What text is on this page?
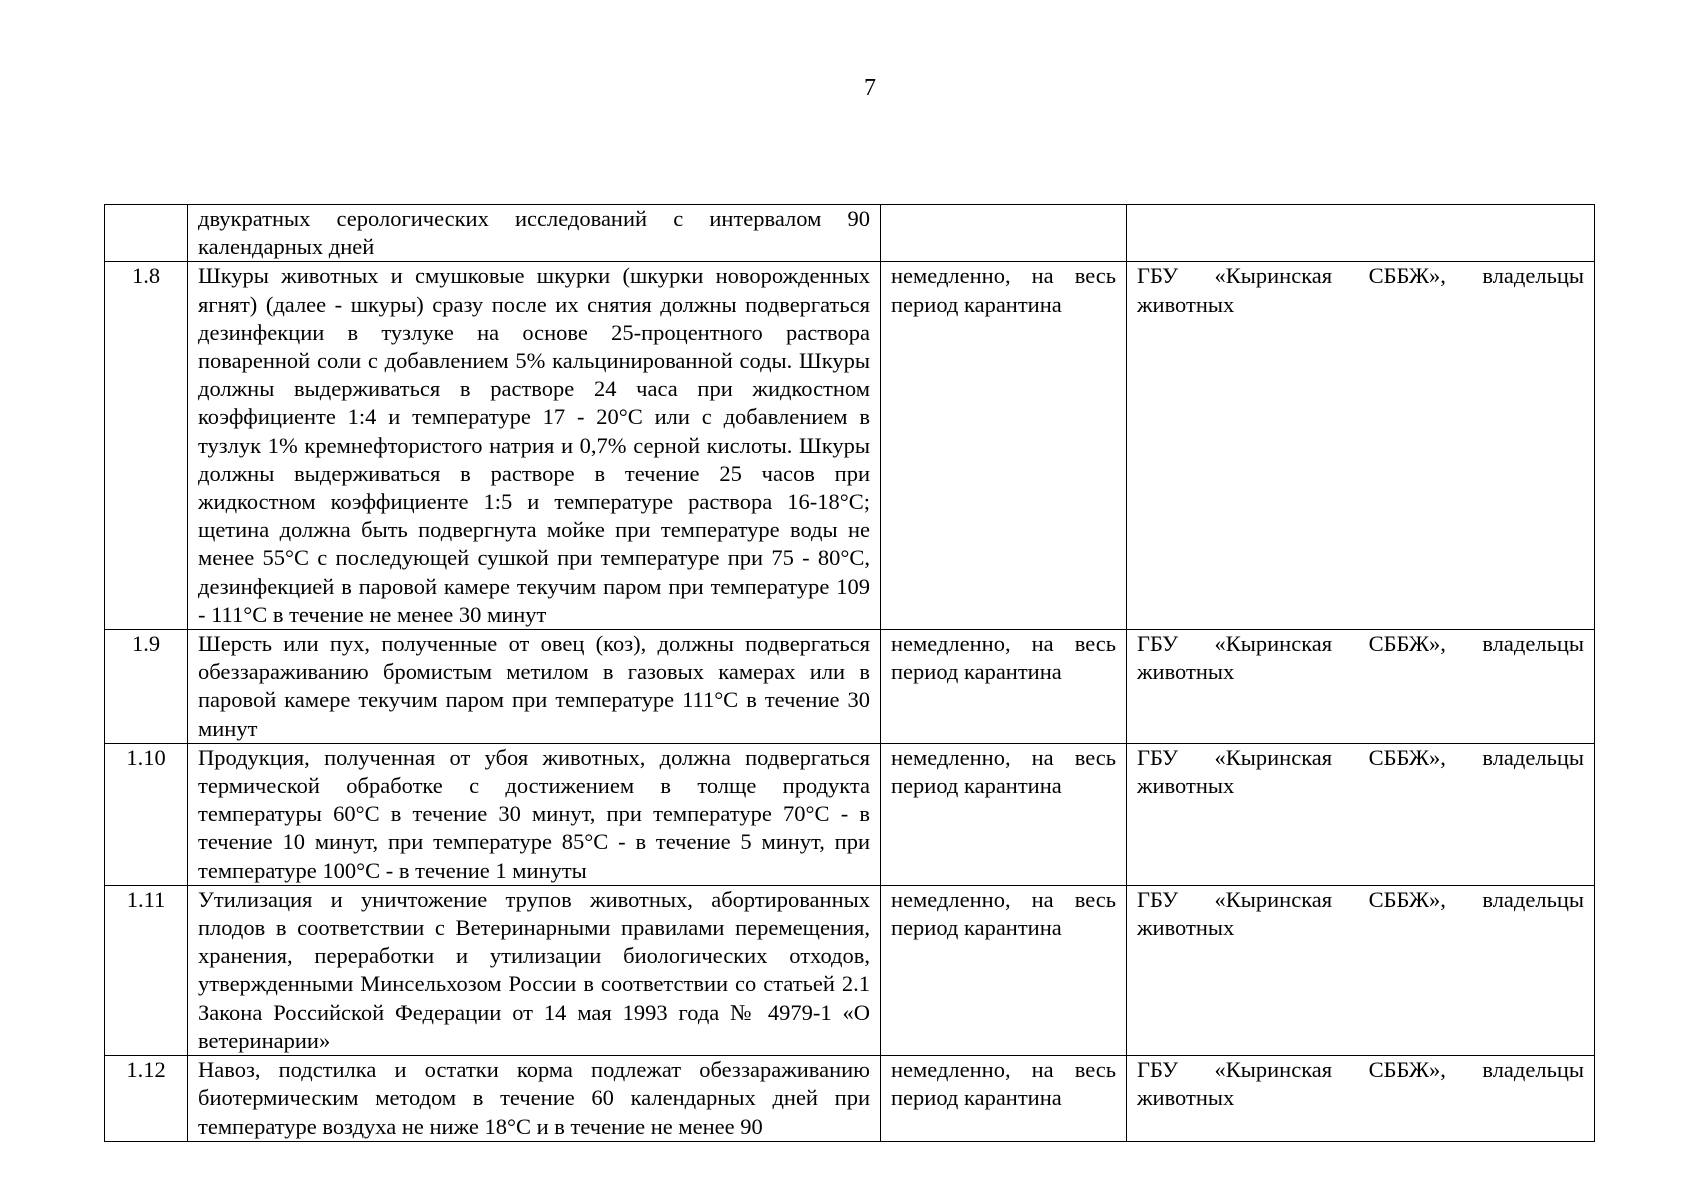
7
	двукратных серологических исследований с интервалом 90 календарных дней		
1.8	Шкуры животных и смушковые шкурки (шкурки новорожденных ягнят) (далее - шкуры) сразу после их снятия должны подвергаться дезинфекции в тузлуке на основе 25-процентного раствора поваренной соли с добавлением 5% кальцинированной соды. Шкуры должны выдерживаться в растворе 24 часа при жидкостном коэффициенте 1:4 и температуре 17 - 20°С или с добавлением в тузлук 1% кремнефтористого натрия и 0,7% серной кислоты. Шкуры должны выдерживаться в растворе в течение 25 часов при жидкостном коэффициенте 1:5 и температуре раствора 16-18°С; щетина должна быть подвергнута мойке при температуре воды не менее 55°С с последующей сушкой при температуре при 75 - 80°С, дезинфекцией в паровой камере текучим паром при температуре 109 - 111°С в течение не менее 30 минут	немедленно, на весь период карантина	ГБУ «Кыринская СББЖ», владельцы животных
1.9	Шерсть или пух, полученные от овец (коз), должны подвергаться обеззараживанию бромистым метилом в газовых камерах или в паровой камере текучим паром при температуре 111°С в течение 30 минут	немедленно, на весь период карантина	ГБУ «Кыринская СББЖ», владельцы животных
1.10	Продукция, полученная от убоя животных, должна подвергаться термической обработке с достижением в толще продукта температуры 60°С в течение 30 минут, при температуре 70°С - в течение 10 минут, при температуре 85°С - в течение 5 минут, при температуре 100°С - в течение 1 минуты	немедленно, на весь период карантина	ГБУ «Кыринская СББЖ», владельцы животных
1.11	Утилизация и уничтожение трупов животных, абортированных плодов в соответствии с Ветеринарными правилами перемещения, хранения, переработки и утилизации биологических отходов, утвержденными Минсельхозом России в соответствии со статьей 2.1 Закона Российской Федерации от 14 мая 1993 года № 4979-1 «О ветеринарии»	немедленно, на весь период карантина	ГБУ «Кыринская СББЖ», владельцы животных
1.12	Навоз, подстилка и остатки корма подлежат обеззараживанию биотермическим методом в течение 60 календарных дней при температуре воздуха не ниже 18°С и в течение не менее 90	немедленно, на весь период карантина	ГБУ «Кыринская СББЖ», владельцы животных
